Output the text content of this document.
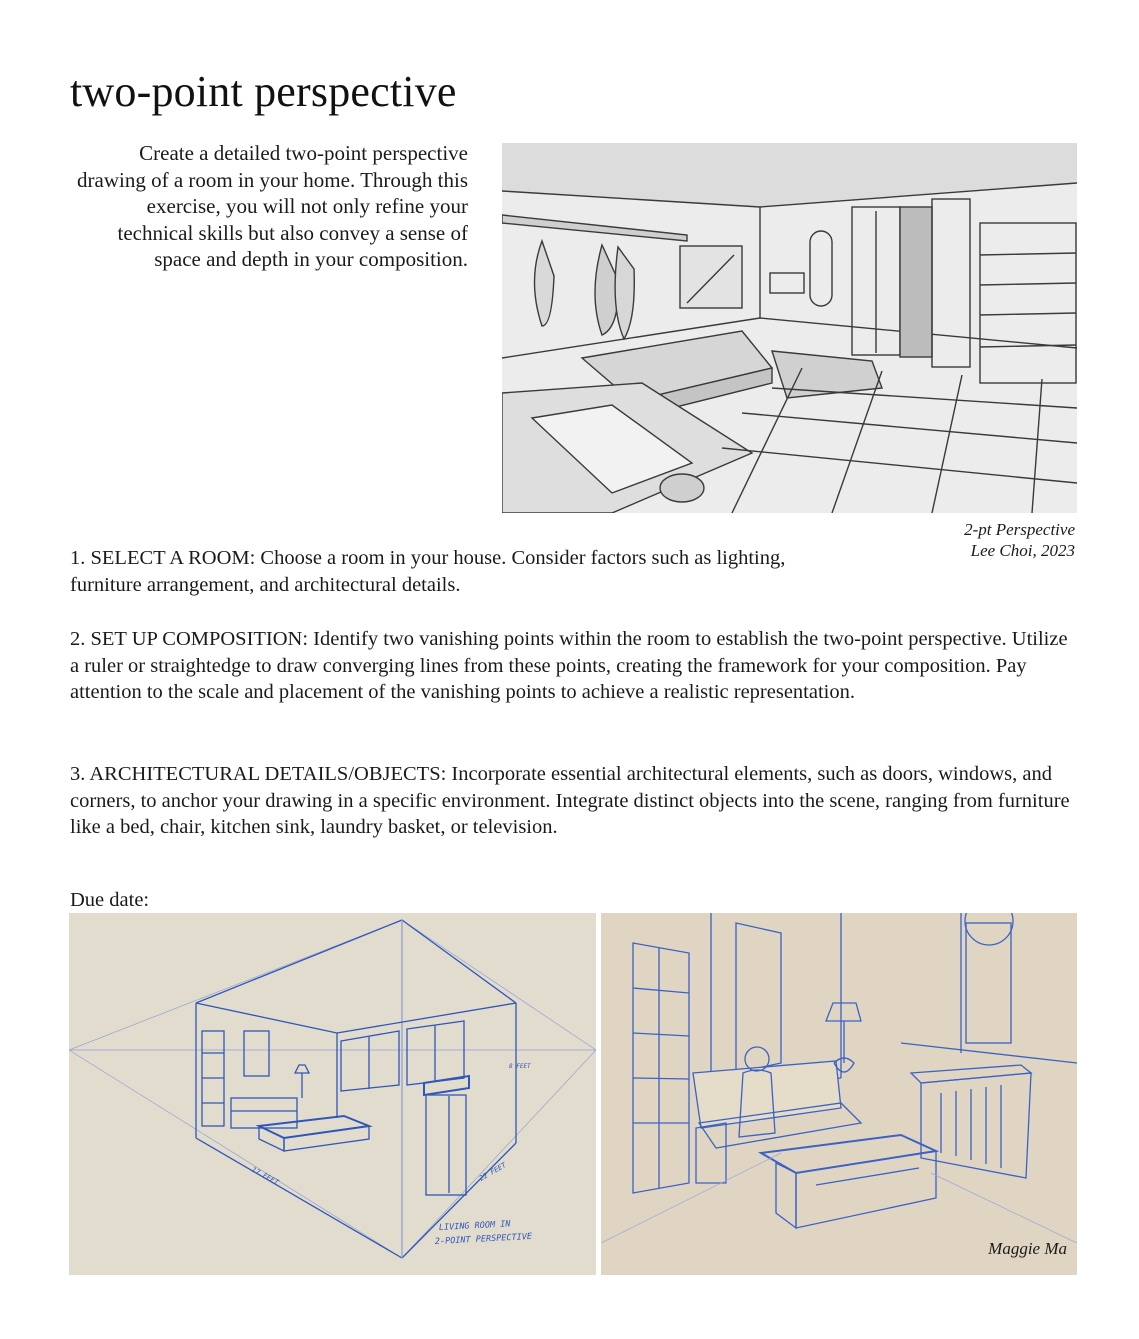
two-point perspective

Create a detailed two-point perspective drawing of a room in your home. Through this exercise, you will not only refine your technical skills but also convey a sense of space and depth in your composition.

2-pt Perspective
Lee Choi, 2023

1. SELECT A ROOM: Choose a room in your house. Consider factors such as lighting, furniture arrangement, and architectural details.

2. SET UP COMPOSITION: Identify two vanishing points within the room to establish the two-point perspective. Utilize a ruler or straightedge to draw converging lines from these points, creating the framework for your composition. Pay attention to the scale and placement of the vanishing points to achieve a realistic representation.

3. ARCHITECTURAL DETAILS/OBJECTS: Incorporate essential architectural elements, such as doors, windows, and corners, to anchor your drawing in a specific environment. Integrate distinct objects into the scene, ranging from furniture like a bed, chair, kitchen sink, laundry basket, or television.

Due date:
17 FEET	22 FEET
8 FEET
LIVING ROOM IN
2-POINT PERSPECTIVE	Maggie Ma
